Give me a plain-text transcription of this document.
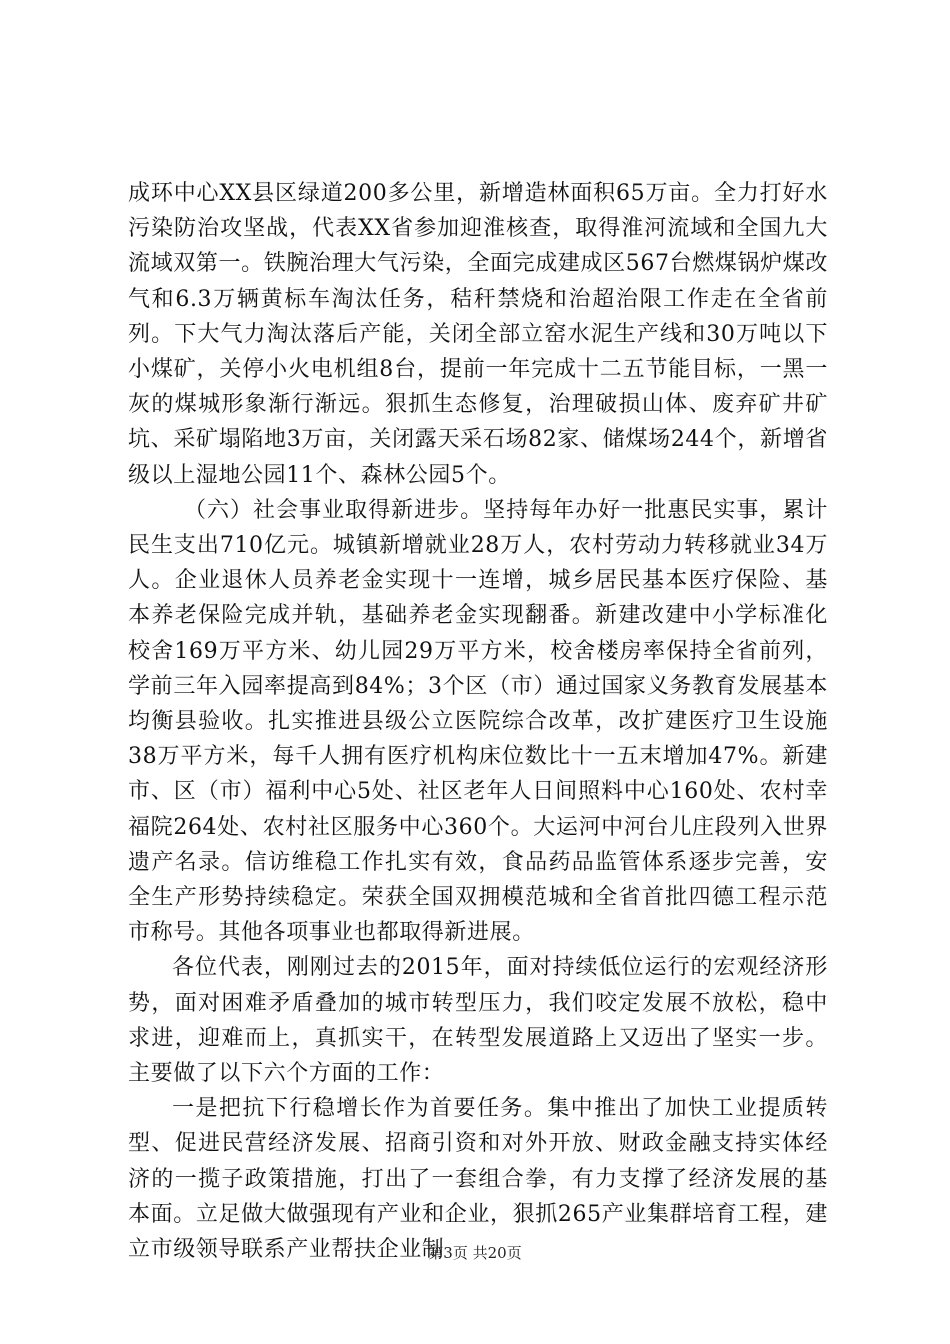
成环中心XX县区绿道200多公里，新增造林面积65万亩。全力打好水污染防治攻坚战，代表XX省参加迎淮核查，取得淮河流域和全国九大流域双第一。铁腕治理大气污染，全面完成建成区567台燃煤锅炉煤改气和6.3万辆黄标车淘汰任务，秸秆禁烧和治超治限工作走在全省前列。下大气力淘汰落后产能，关闭全部立窑水泥生产线和30万吨以下小煤矿，关停小火电机组8台，提前一年完成十二五节能目标，一黑一灰的煤城形象渐行渐远。狠抓生态修复，治理破损山体、废弃矿井矿坑、采矿塌陷地3万亩，关闭露天采石场82家、储煤场244个，新增省级以上湿地公园11个、森林公园5个。

（六）社会事业取得新进步。坚持每年办好一批惠民实事，累计民生支出710亿元。城镇新增就业28万人，农村劳动力转移就业34万人。企业退休人员养老金实现十一连增，城乡居民基本医疗保险、基本养老保险完成并轨，基础养老金实现翻番。新建改建中小学标准化校舍169万平方米、幼儿园29万平方米，校舍楼房率保持全省前列，学前三年入园率提高到84%；3个区（市）通过国家义务教育发展基本均衡县验收。扎实推进县级公立医院综合改革，改扩建医疗卫生设施38万平方米，每千人拥有医疗机构床位数比十一五末增加47%。新建市、区（市）福利中心5处、社区老年人日间照料中心160处、农村幸福院264处、农村社区服务中心360个。大运河中河台儿庄段列入世界遗产名录。信访维稳工作扎实有效，食品药品监管体系逐步完善，安全生产形势持续稳定。荣获全国双拥模范城和全省首批四德工程示范市称号。其他各项事业也都取得新进展。

各位代表，刚刚过去的2015年，面对持续低位运行的宏观经济形势，面对困难矛盾叠加的城市转型压力，我们咬定发展不放松，稳中求进，迎难而上，真抓实干，在转型发展道路上又迈出了坚实一步。主要做了以下六个方面的工作：

一是把抗下行稳增长作为首要任务。集中推出了加快工业提质转型、促进民营经济发展、招商引资和对外开放、财政金融支持实体经济的一揽子政策措施，打出了一套组合拳，有力支撑了经济发展的基本面。立足做大做强现有产业和企业，狠抓265产业集群培育工程，建立市级领导联系产业帮扶企业制

第3页 共20页
